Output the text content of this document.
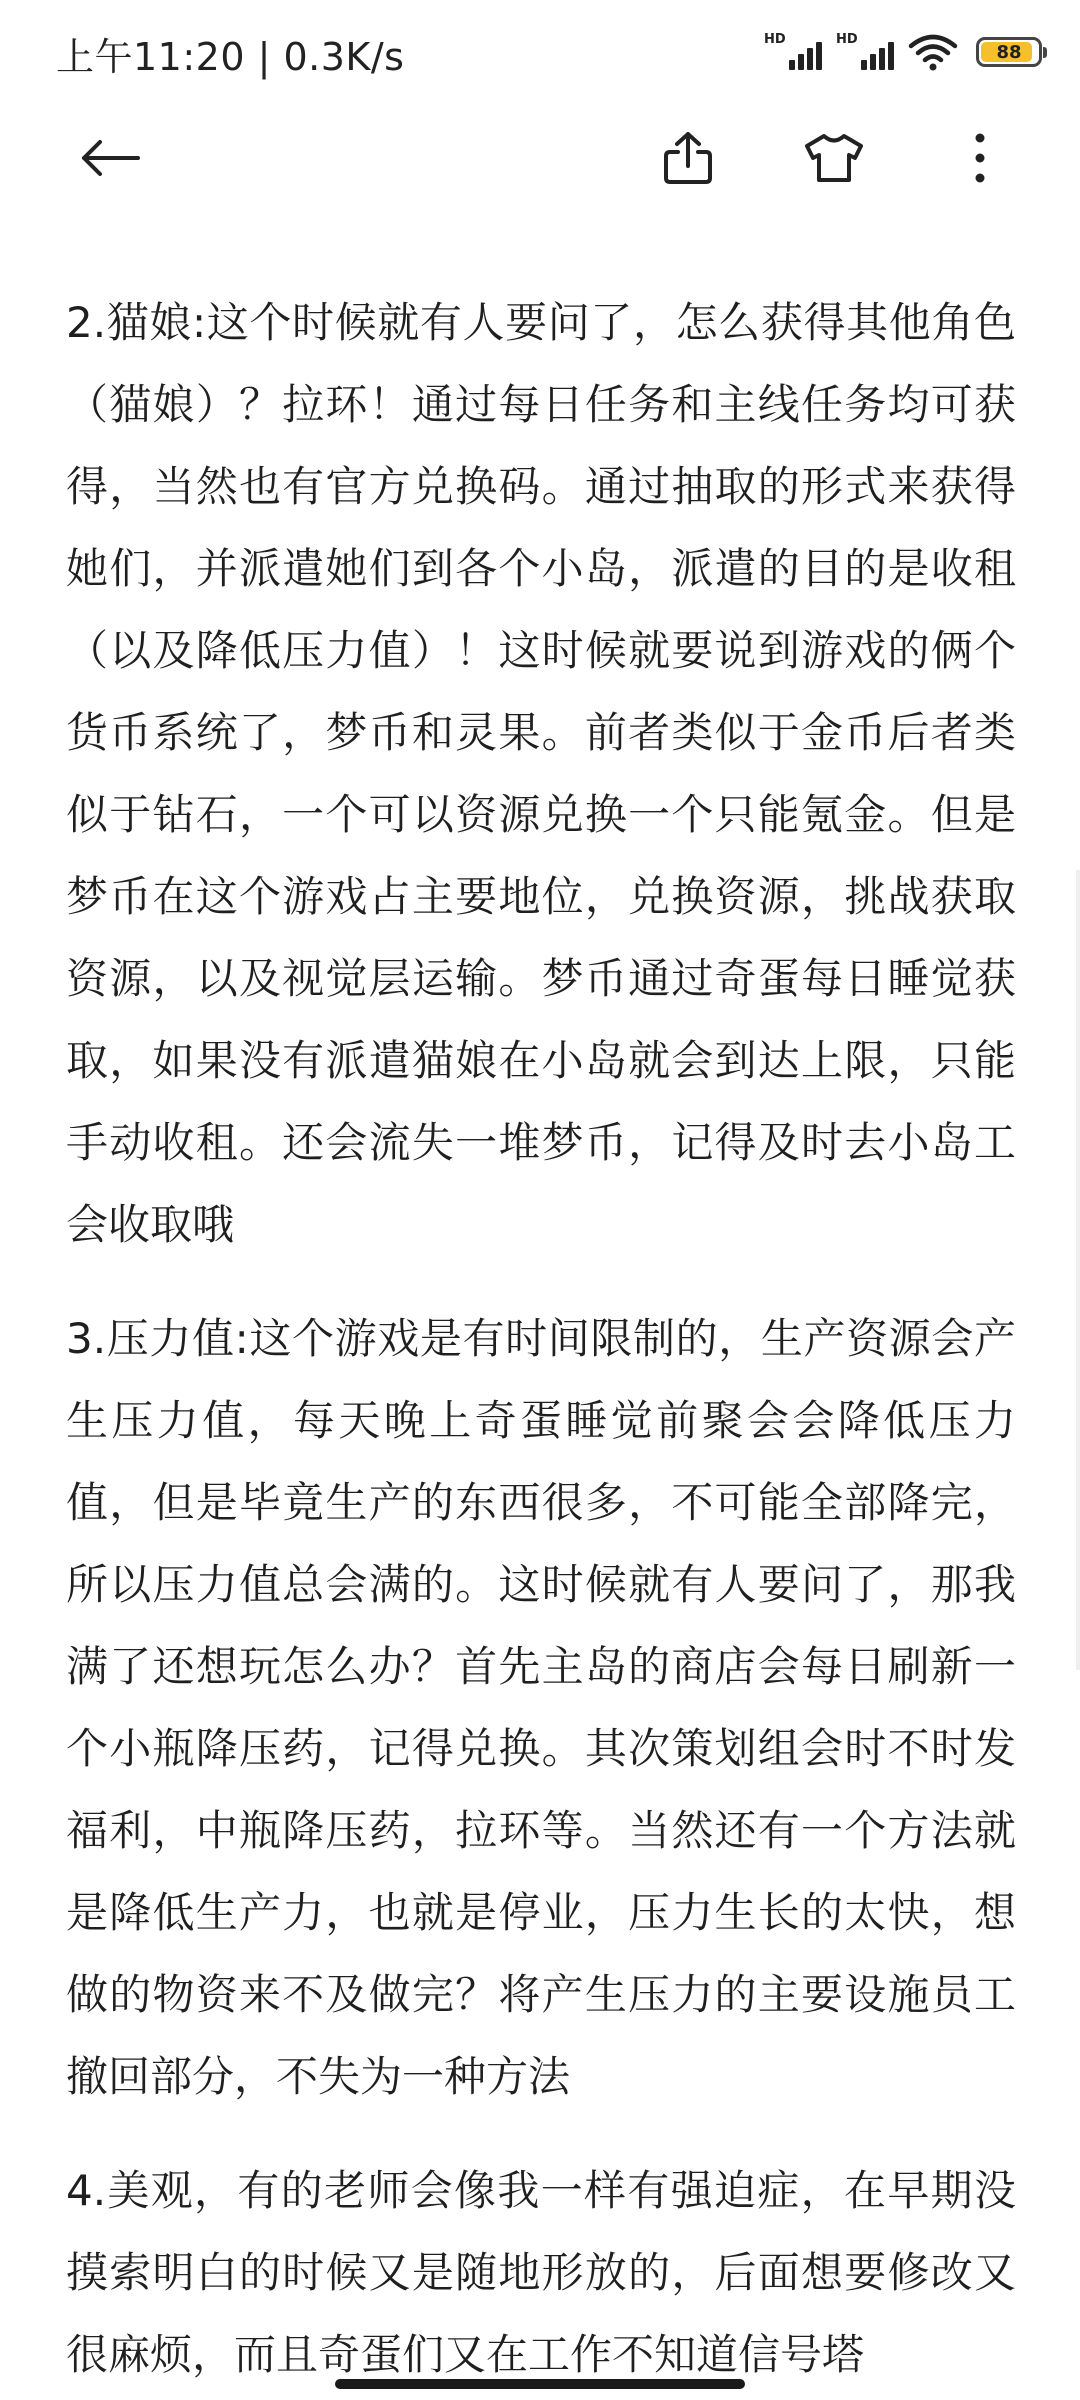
上午11:20 | 0.3K/s	HD	HD
88

2.猫娘:这个时候就有人要问了，怎么获得其他角色（猫娘）？拉环！通过每日任务和主线任务均可获得，当然也有官方兑换码。通过抽取的形式来获得她们，并派遣她们到各个小岛，派遣的目的是收租（以及降低压力值）！这时候就要说到游戏的俩个货币系统了，梦币和灵果。前者类似于金币后者类似于钻石，一个可以资源兑换一个只能氪金。但是梦币在这个游戏占主要地位，兑换资源，挑战获取资源，以及视觉层运输。梦币通过奇蛋每日睡觉获取，如果没有派遣猫娘在小岛就会到达上限，只能手动收租。还会流失一堆梦币，记得及时去小岛工会收取哦

3.压力值:这个游戏是有时间限制的，生产资源会产生压力值，每天晚上奇蛋睡觉前聚会会降低压力值，但是毕竟生产的东西很多，不可能全部降完，所以压力值总会满的。这时候就有人要问了，那我满了还想玩怎么办？首先主岛的商店会每日刷新一个小瓶降压药，记得兑换。其次策划组会时不时发福利，中瓶降压药，拉环等。当然还有一个方法就是降低生产力，也就是停业，压力生长的太快，想做的物资来不及做完？将产生压力的主要设施员工撤回部分，不失为一种方法

4.美观，有的老师会像我一样有强迫症，在早期没摸索明白的时候又是随地形放的，后面想要修改又很麻烦，而且奇蛋们又在工作不知道信号塔
